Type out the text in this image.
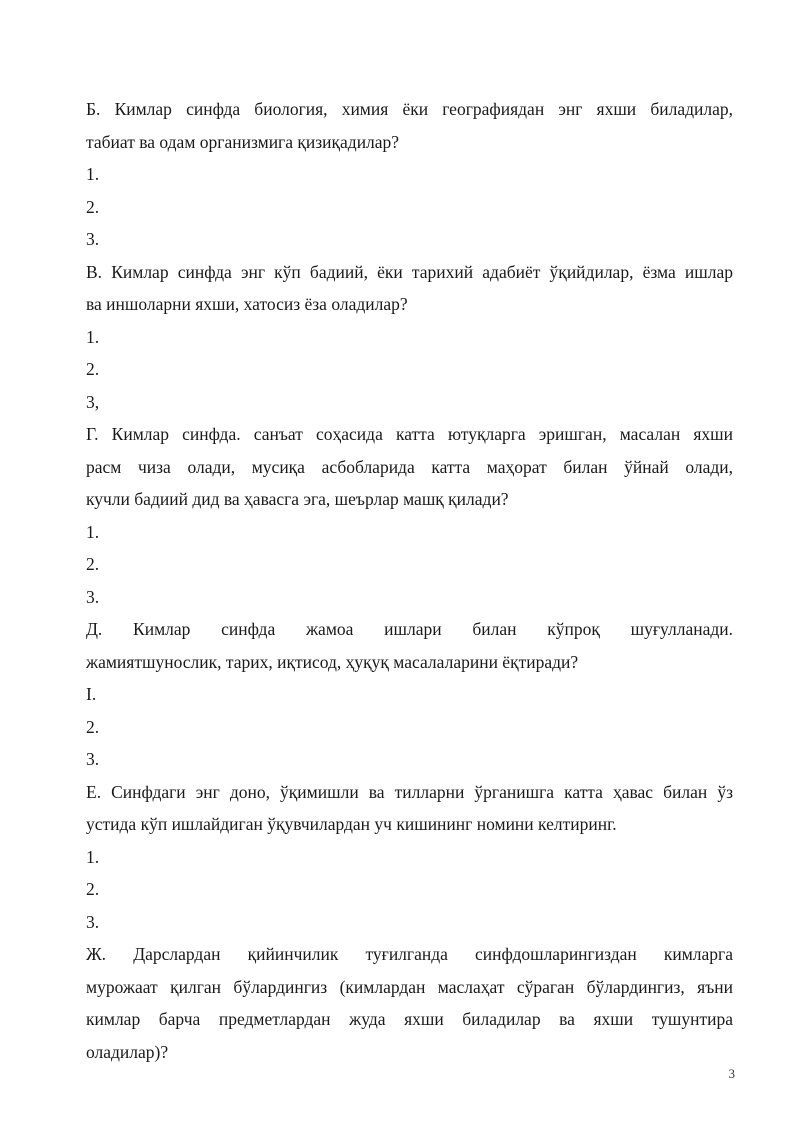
Б. Кимлар синфда биология, химия ёки географиядан энг яхши биладилар,

табиат ва одам организмига қизиқадилар?

1.

2.

3.

В. Кимлар синфда энг кўп бадиий, ёки тарихий адабиёт ўқийдилар, ёзма ишлар

ва иншоларни яхши, хатосиз ёза оладилар?

1.

2.

3,

Г. Кимлар синфда. санъат соҳасида катта ютуқларга эришган, масалан яхши

расм чиза олади, мусиқа асбобларида катта маҳорат билан ўйнай олади,

кучли бадиий дид ва ҳавасга эга, шеърлар машқ қилади?

1.

2.

3.

Д. Кимлар синфда жамоа ишлари билан кўпроқ шуғулланади.

жамиятшунослик, тарих, иқтисод, ҳуқуқ масалаларини ёқтиради?

I.

2.

3.

Е. Синфдаги энг доно, ўқимишли ва тилларни ўрганишга катта ҳавас билан ўз

устида кўп ишлайдиган ўқувчилардан уч кишининг номини келтиринг.

1.

2.

3.

Ж. Дарслардан қийинчилик туғилганда синфдошларингиздан кимларга

мурожаат қилган бўлардингиз (кимлардан маслаҳат сўраган бўлардингиз, яъни

кимлар барча предметлардан жуда яхши биладилар ва яхши тушунтира

оладилар)?

3
